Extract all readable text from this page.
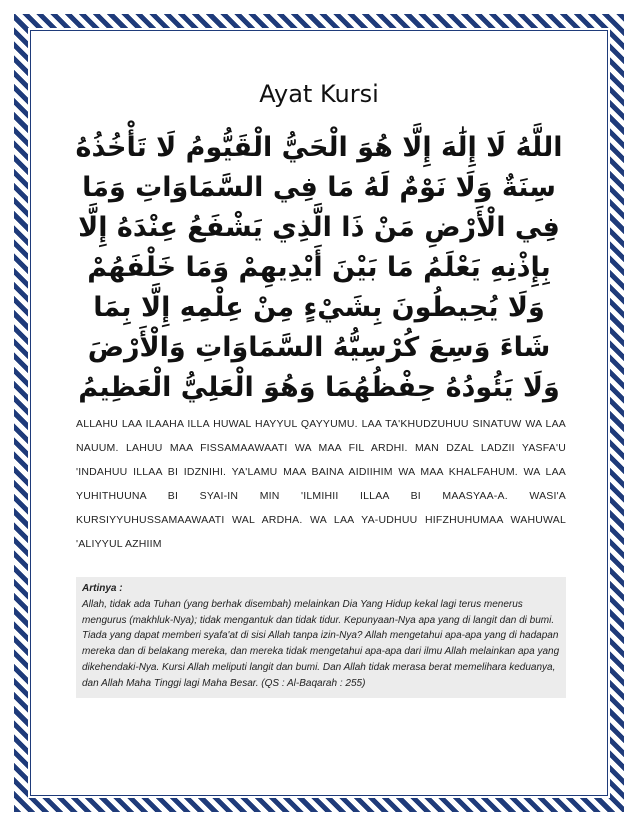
Ayat Kursi
اللَّهُ لَا إِلَٰهَ إِلَّا هُوَ الْحَيُّ الْقَيُّومُ لَا تَأْخُذُهُ سِنَةٌ وَلَا نَوْمٌ لَهُ مَا فِي السَّمَاوَاتِ وَمَا فِي الْأَرْضِ مَنْ ذَا الَّذِي يَشْفَعُ عِنْدَهُ إِلَّا بِإِذْنِهِ يَعْلَمُ مَا بَيْنَ أَيْدِيهِمْ وَمَا خَلْفَهُمْ وَلَا يُحِيطُونَ بِشَيْءٍ مِنْ عِلْمِهِ إِلَّا بِمَا شَاءَ وَسِعَ كُرْسِيُّهُ السَّمَاوَاتِ وَالْأَرْضَ وَلَا يَئُودُهُ حِفْظُهُمَا وَهُوَ الْعَلِيُّ الْعَظِيمُ
ALLAHU LAA ILAAHA ILLA HUWAL HAYYUL QAYYUMU. LAA TA'KHUDZUHUU SINATUW WA LAA NAUUM. LAHUU MAA FISSAMAAWAATI WA MAA FIL ARDHI. MAN DZAL LADZII YASFA'U 'INDAHUU ILLAA BI IDZNIHI. YA'LAMU MAA BAINA AIDIIHIM WA MAA KHALFAHUM. WA LAA YUHITHUUNA BI SYAI-IN MIN 'ILMIHII ILLAA BI MAASYAA-A. WASI'A KURSIYYUHUSSAMAAWAATI WAL ARDHA. WA LAA YA-UDHUU HIFZHUHUMAA WAHUWAL 'ALIYYUL AZHIIM
Artinya :
Allah, tidak ada Tuhan (yang berhak disembah) melainkan Dia Yang Hidup kekal lagi terus menerus mengurus (makhluk-Nya); tidak mengantuk dan tidak tidur. Kepunyaan-Nya apa yang di langit dan di bumi. Tiada yang dapat memberi syafa'at di sisi Allah tanpa izin-Nya? Allah mengetahui apa-apa yang di hadapan mereka dan di belakang mereka, dan mereka tidak mengetahui apa-apa dari ilmu Allah melainkan apa yang dikehendaki-Nya. Kursi Allah meliputi langit dan bumi. Dan Allah tidak merasa berat memelihara keduanya, dan Allah Maha Tinggi lagi Maha Besar. (QS : Al-Baqarah : 255)
